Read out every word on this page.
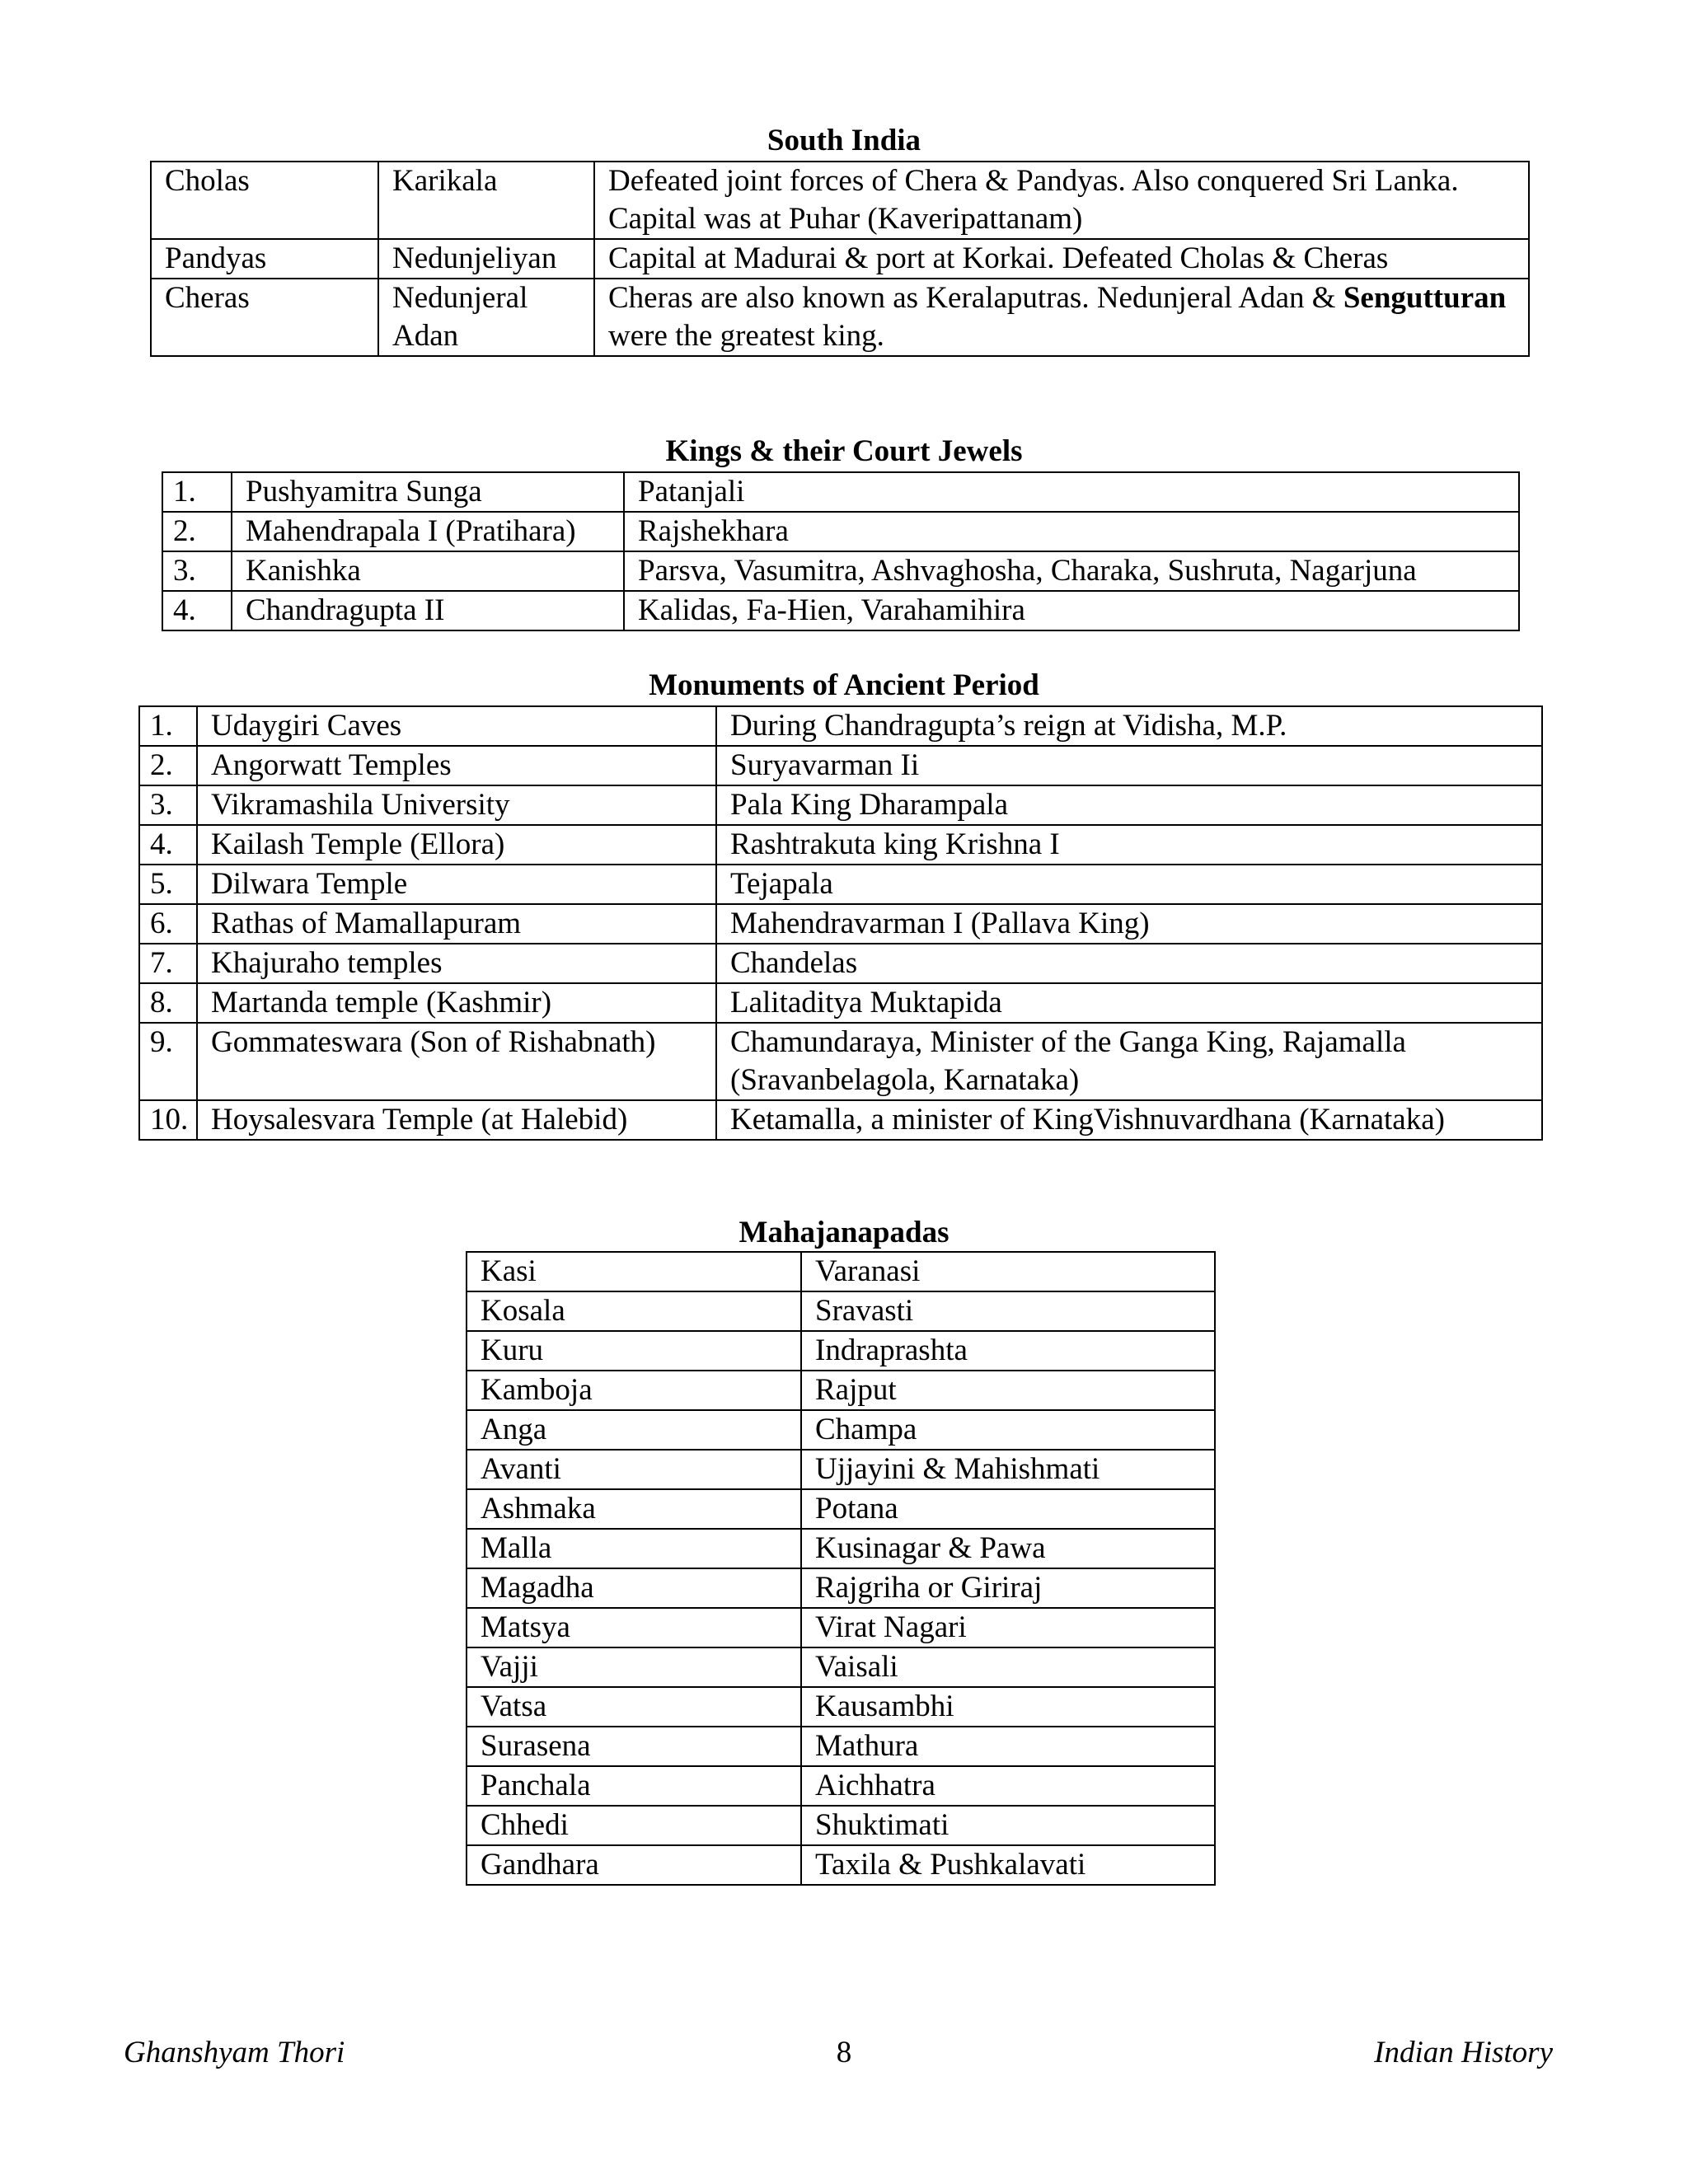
South India
Cholas	Karikala	Defeated joint forces of Chera & Pandyas. Also conquered Sri Lanka. Capital was at Puhar (Kaveripattanam)
Pandyas	Nedunjeliyan	Capital at Madurai & port at Korkai. Defeated Cholas & Cheras
Cheras	Nedunjeral Adan	Cheras are also known as Keralaputras. Nedunjeral Adan & Sengutturan were the greatest king.
Kings & their Court Jewels
1.	Pushyamitra Sunga	Patanjali
2.	Mahendrapala I (Pratihara)	Rajshekhara
3.	Kanishka	Parsva, Vasumitra, Ashvaghosha, Charaka, Sushruta, Nagarjuna
4.	Chandragupta II	Kalidas, Fa-Hien, Varahamihira
Monuments of Ancient Period
1.	Udaygiri Caves	During Chandragupta’s reign at Vidisha, M.P.
2.	Angorwatt Temples	Suryavarman Ii
3.	Vikramashila University	Pala King Dharampala
4.	Kailash Temple (Ellora)	Rashtrakuta king Krishna I
5.	Dilwara Temple	Tejapala
6.	Rathas of Mamallapuram	Mahendravarman I (Pallava King)
7.	Khajuraho temples	Chandelas
8.	Martanda temple (Kashmir)	Lalitaditya Muktapida
9.	Gommateswara (Son of Rishabnath)	Chamundaraya, Minister of the Ganga King, Rajamalla (Sravanbelagola, Karnataka)
10.	Hoysalesvara Temple (at Halebid)	Ketamalla, a minister of KingVishnuvardhana (Karnataka)
Mahajanapadas
Kasi	Varanasi
Kosala	Sravasti
Kuru	Indraprashta
Kamboja	Rajput
Anga	Champa
Avanti	Ujjayini & Mahishmati
Ashmaka	Potana
Malla	Kusinagar & Pawa
Magadha	Rajgriha or Giriraj
Matsya	Virat Nagari
Vajji	Vaisali
Vatsa	Kausambhi
Surasena	Mathura
Panchala	Aichhatra
Chhedi	Shuktimati
Gandhara	Taxila & Pushkalavati
Ghanshyam Thori	8	Indian History
